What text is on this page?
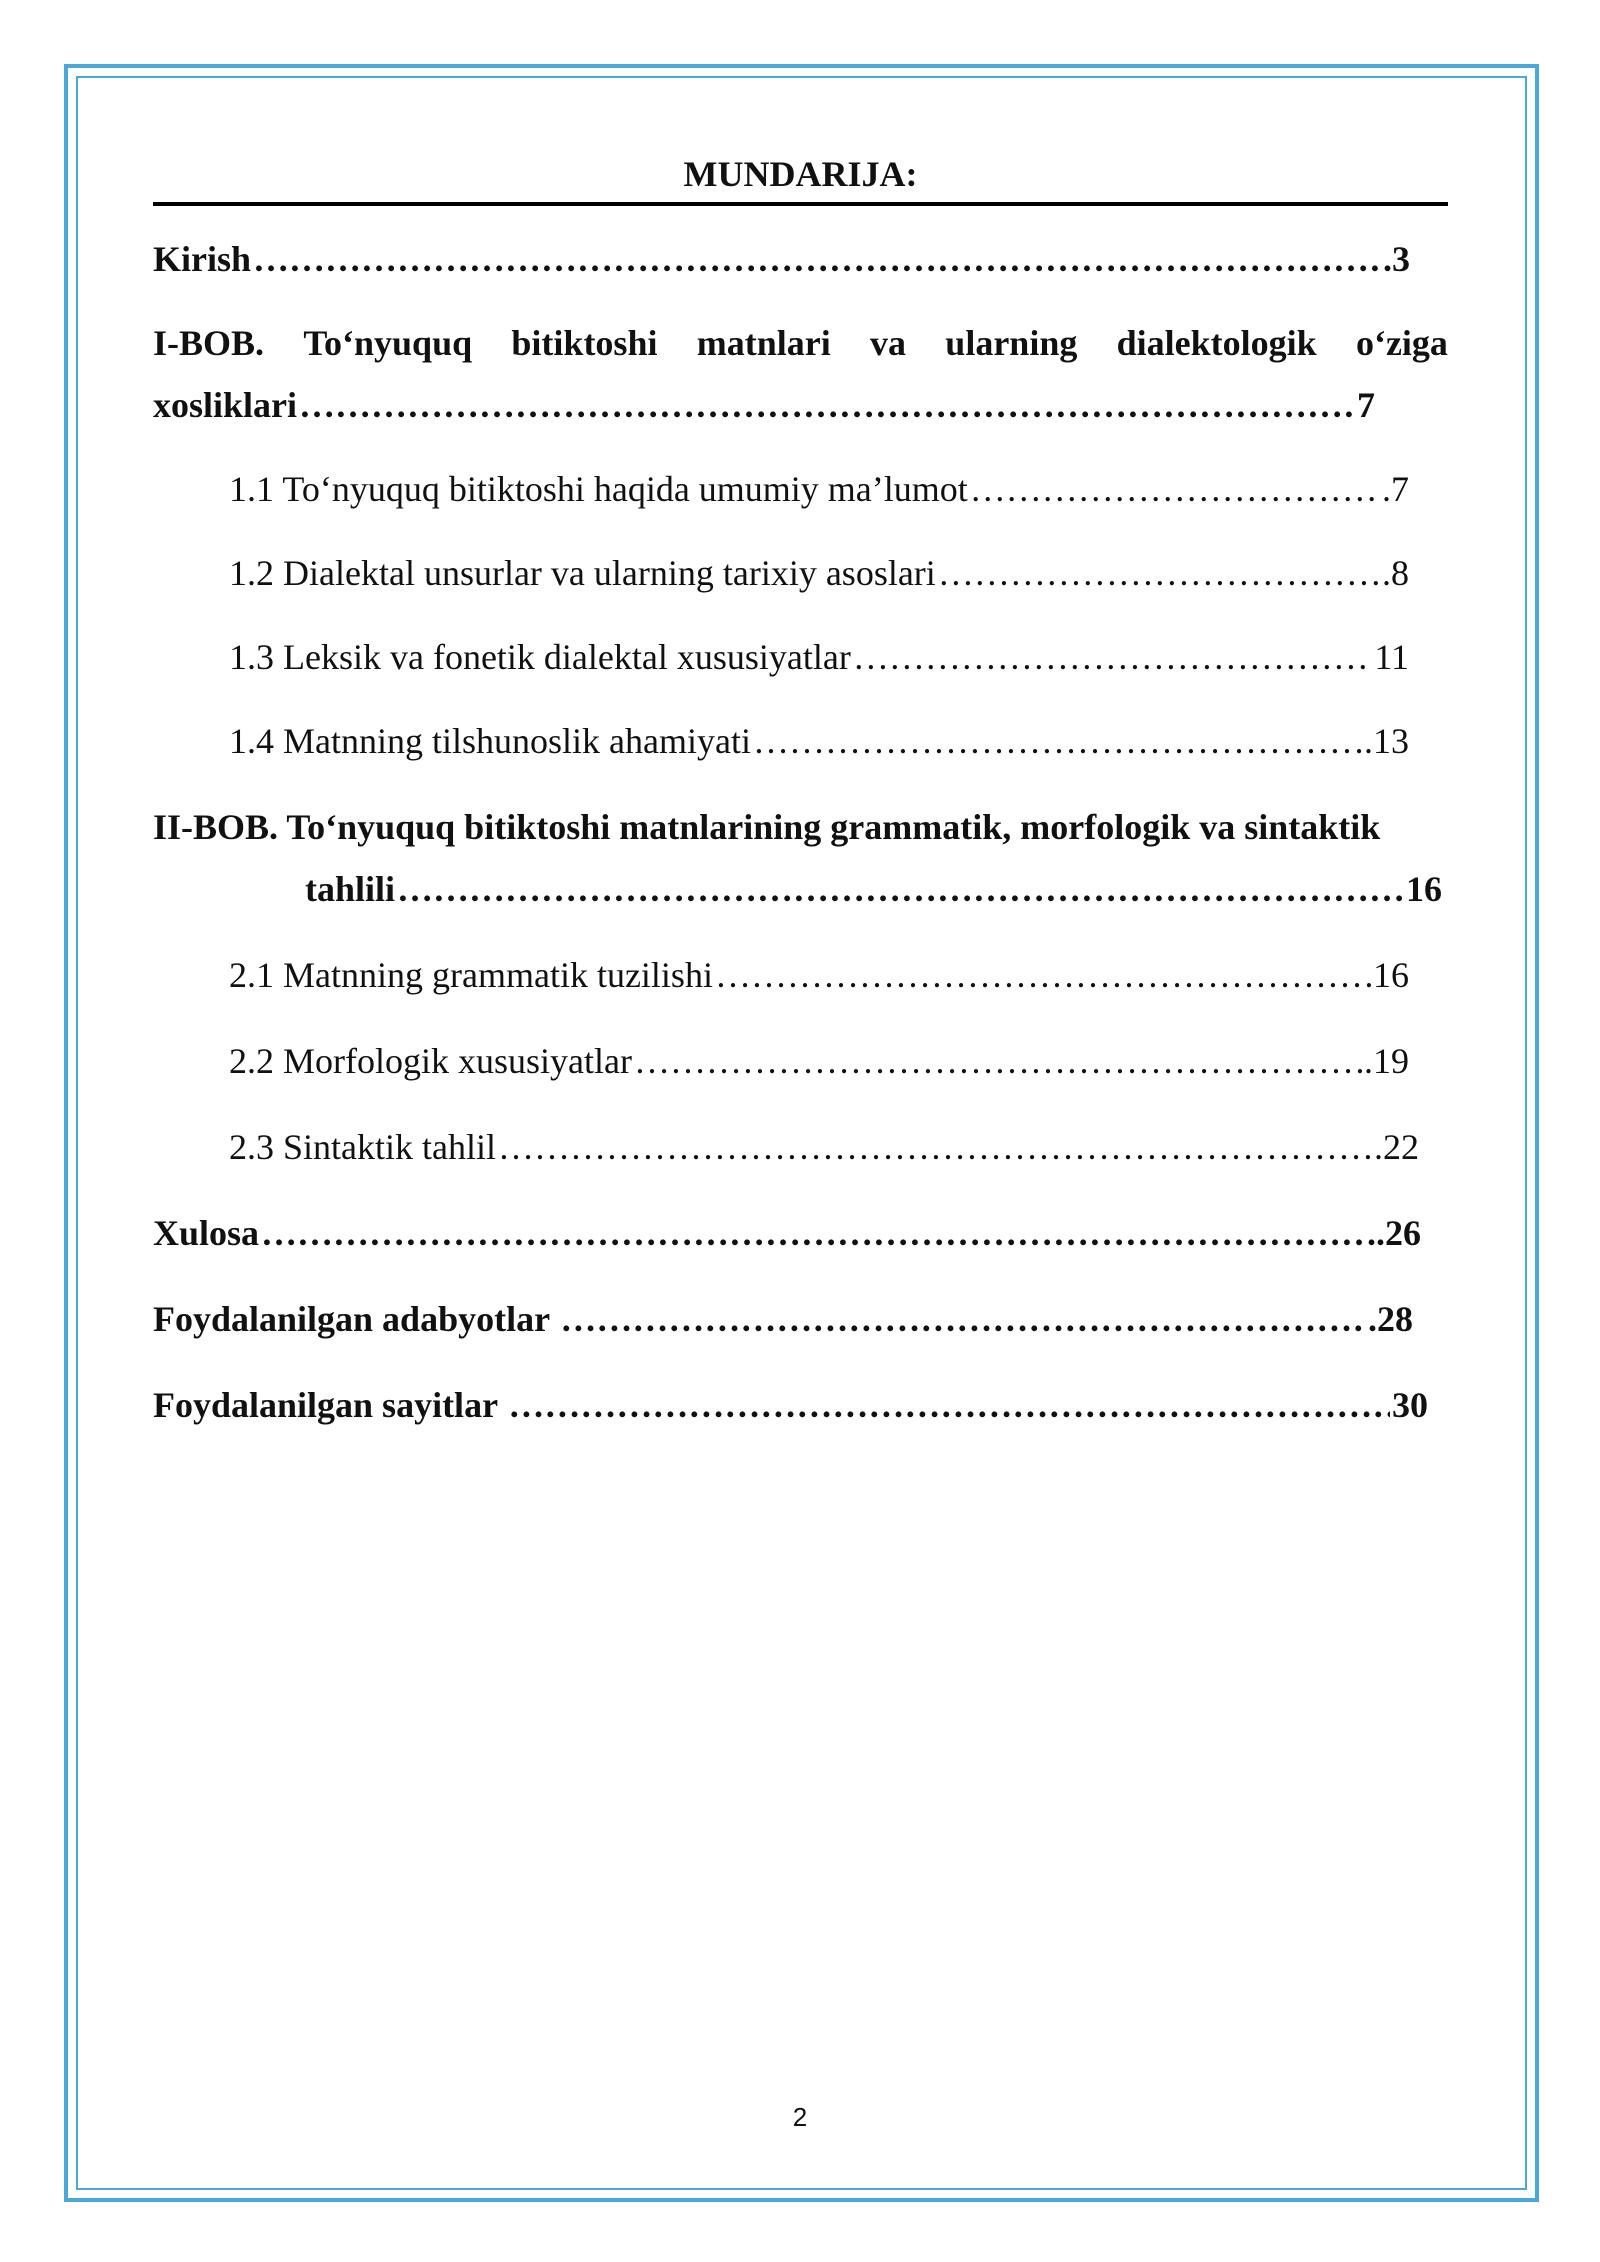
MUNDARIJA:
Kirish ……………………………………………………………………………………………………………………………………………………………………………………………………	.3
I-BOB. To‘nyuquq bitiktoshi matnlari va ularning dialektologik o‘ziga
xosliklari ……………………………………………………………………………………………………………………………………………………………………………………………………	7
1.1 To‘nyuquq bitiktoshi haqida umumiy ma’lumot ……………………………………………………………………………………………………………………………………………………………………………………………………	.7
1.2 Dialektal unsurlar va ularning tarixiy asoslari ……………………………………………………………………………………………………………………………………………………………………………………………………	.8
1.3 Leksik va fonetik dialektal xususiyatlar ……………………………………………………………………………………………………………………………………………………………………………………………………	11
1.4 Matnning tilshunoslik ahamiyati ……………………………………………………………………………………………………………………………………………………………………………………………………	.13
II-BOB. To‘nyuquq bitiktoshi matnlarining grammatik, morfologik va sintaktik
tahlili ……………………………………………………………………………………………………………………………………………………………………………………………………	16
2.1 Matnning grammatik tuzilishi ……………………………………………………………………………………………………………………………………………………………………………………………………	16
2.2 Morfologik xususiyatlar ……………………………………………………………………………………………………………………………………………………………………………………………………	.19
2.3 Sintaktik tahlil ……………………………………………………………………………………………………………………………………………………………………………………………………	.22
Xulosa ……………………………………………………………………………………………………………………………………………………………………………………………………	..26
Foydalanilgan adabyotlar ……………………………………………………………………………………………………………………………………………………………………………………………………	.28
Foydalanilgan sayitlar ……………………………………………………………………………………………………………………………………………………………………………………………………	30
2
